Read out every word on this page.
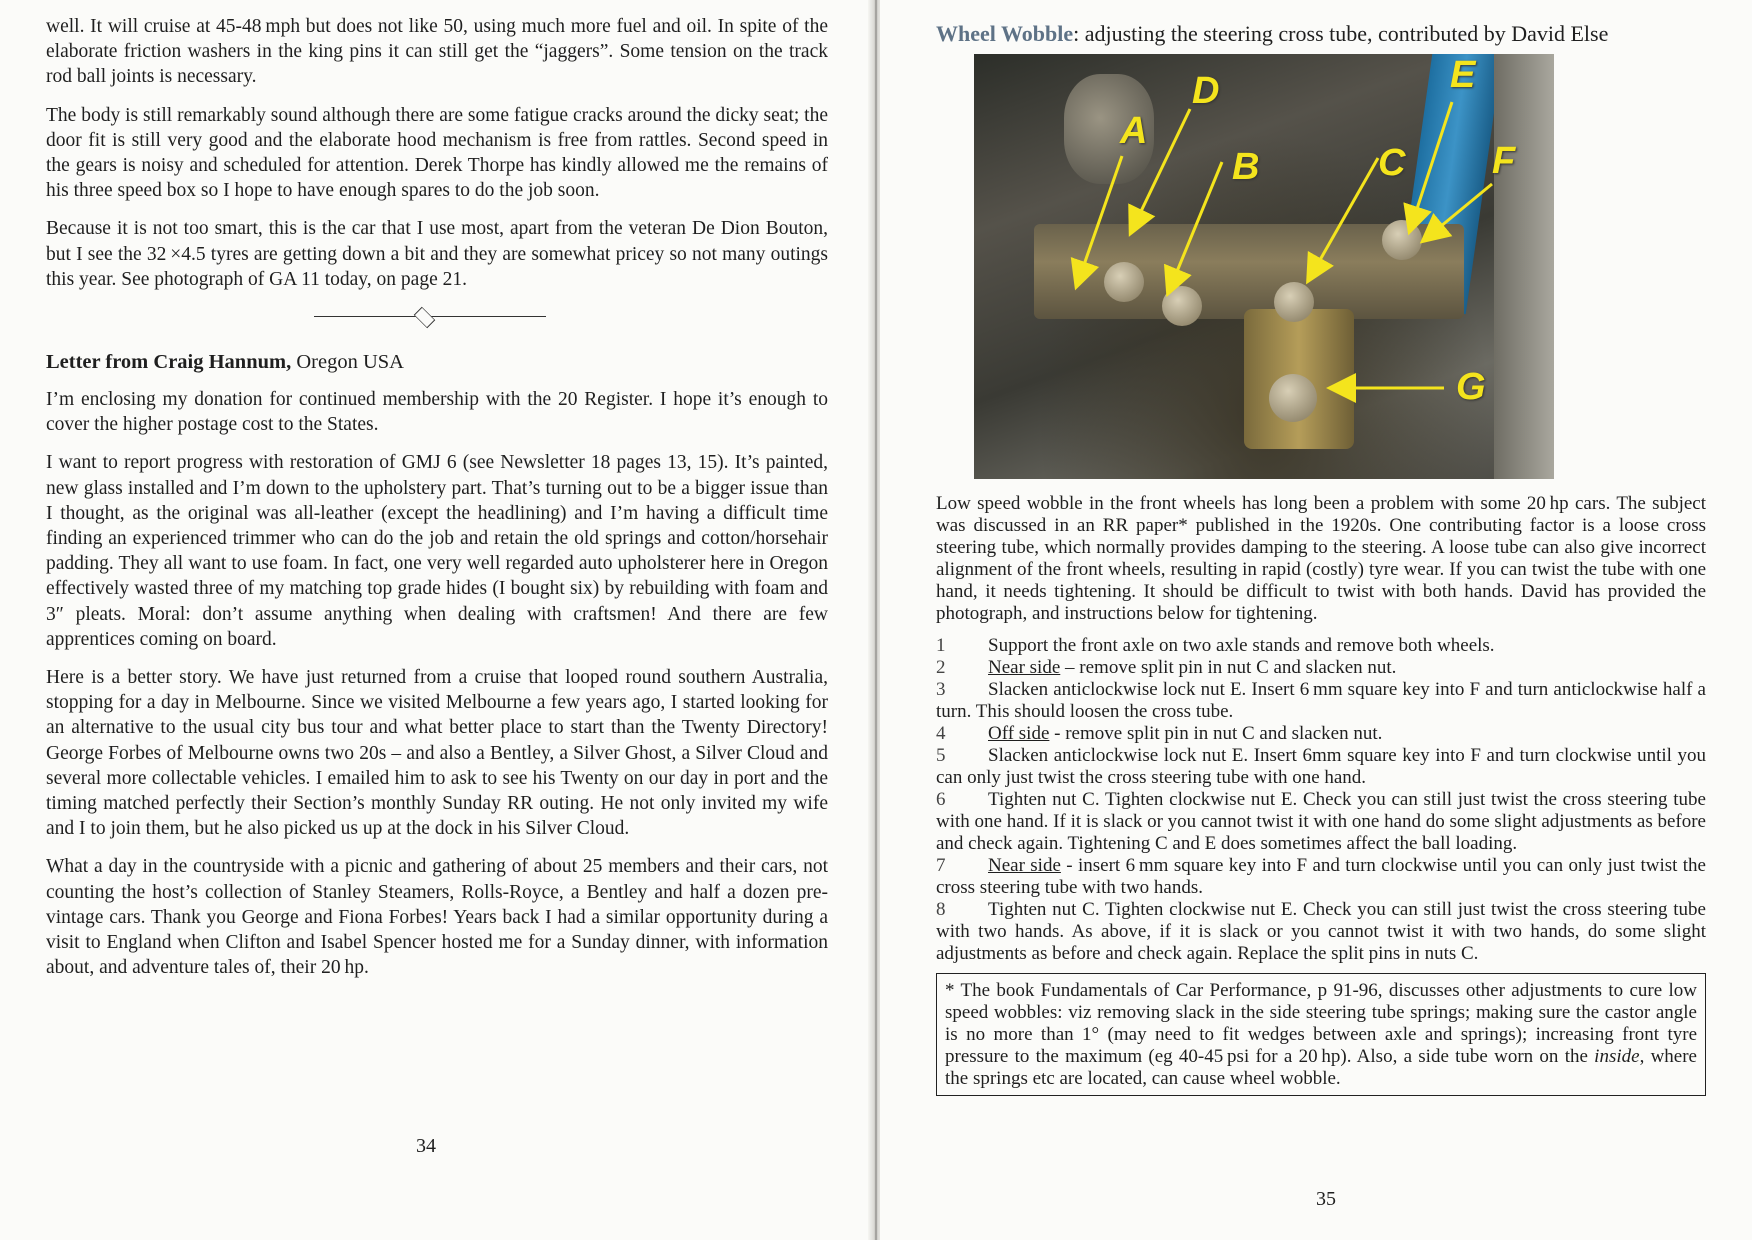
well. It will cruise at 45-48 mph but does not like 50, using much more fuel and oil. In spite of the elaborate friction washers in the king pins it can still get the “jaggers”. Some tension on the track rod ball joints is necessary.

The body is still remarkably sound although there are some fatigue cracks around the dicky seat; the door fit is still very good and the elaborate hood mechanism is free from rattles. Second speed in the gears is noisy and scheduled for attention. Derek Thorpe has kindly allowed me the remains of his three speed box so I hope to have enough spares to do the job soon.

Because it is not too smart, this is the car that I use most, apart from the veteran De Dion Bouton, but I see the 32 ×4.5 tyres are getting down a bit and they are somewhat pricey so not many outings this year. See photograph of GA 11 today, on page 21.

Letter from Craig Hannum, Oregon USA

I’m enclosing my donation for continued membership with the 20 Register. I hope it’s enough to cover the higher postage cost to the States.

I want to report progress with restoration of GMJ 6 (see Newsletter 18 pages 13, 15). It’s painted, new glass installed and I’m down to the upholstery part. That’s turning out to be a bigger issue than I thought, as the original was all-leather (except the headlining) and I’m having a difficult time finding an experienced trimmer who can do the job and retain the old springs and cotton/horsehair padding. They all want to use foam. In fact, one very well regarded auto upholsterer here in Oregon effectively wasted three of my matching top grade hides (I bought six) by rebuilding with foam and 3″ pleats. Moral: don’t assume anything when dealing with craftsmen! And there are few apprentices coming on board.

Here is a better story. We have just returned from a cruise that looped round southern Australia, stopping for a day in Melbourne. Since we visited Melbourne a few years ago, I started looking for an alternative to the usual city bus tour and what better place to start than the Twenty Directory! George Forbes of Melbourne owns two 20s – and also a Bentley, a Silver Ghost, a Silver Cloud and several more collectable vehicles. I emailed him to ask to see his Twenty on our day in port and the timing matched perfectly their Section’s monthly Sunday RR outing. He not only invited my wife and I to join them, but he also picked us up at the dock in his Silver Cloud.

What a day in the countryside with a picnic and gathering of about 25 members and their cars, not counting the host’s collection of Stanley Steamers, Rolls-Royce, a Bentley and half a dozen pre-vintage cars. Thank you George and Fiona Forbes! Years back I had a similar opportunity during a visit to England when Clifton and Isabel Spencer hosted me for a Sunday dinner, with information about, and adventure tales of, their 20 hp.

34
Wheel Wobble: adjusting the steering cross tube, contributed by David Else
A
B	C
D	E
F
G

Low speed wobble in the front wheels has long been a problem with some 20 hp cars. The subject was discussed in an RR paper* published in the 1920s. One contributing factor is a loose cross steering tube, which normally provides damping to the steering. A loose tube can also give incorrect alignment of the front wheels, resulting in rapid (costly) tyre wear. If you can twist the tube with one hand, it needs tightening. It should be difficult to twist with both hands. David has provided the photograph, and instructions below for tightening.

1 Support the front axle on two axle stands and remove both wheels.
2 Near side – remove split pin in nut C and slacken nut.
3 Slacken anticlockwise lock nut E. Insert 6 mm square key into F and turn anticlockwise half a turn. This should loosen the cross tube.
4 Off side - remove split pin in nut C and slacken nut.
5 Slacken anticlockwise lock nut E. Insert 6mm square key into F and turn clockwise until you can only just twist the cross steering tube with one hand.
6 Tighten nut C. Tighten clockwise nut E. Check you can still just twist the cross steering tube with one hand. If it is slack or you cannot twist it with one hand do some slight adjustments as before and check again. Tightening C and E does sometimes affect the ball loading.
7 Near side - insert 6 mm square key into F and turn clockwise until you can only just twist the cross steering tube with two hands.
8 Tighten nut C. Tighten clockwise nut E. Check you can still just twist the cross steering tube with two hands. As above, if it is slack or you cannot twist it with two hands, do some slight adjustments as before and check again. Replace the split pins in nuts C.
* The book Fundamentals of Car Performance, p 91-96, discusses other adjustments to cure low speed wobbles: viz removing slack in the side steering tube springs; making sure the castor angle is no more than 1° (may need to fit wedges between axle and springs); increasing front tyre pressure to the maximum (eg 40-45 psi for a 20 hp). Also, a side tube worn on the inside, where the springs etc are located, can cause wheel wobble.
35
